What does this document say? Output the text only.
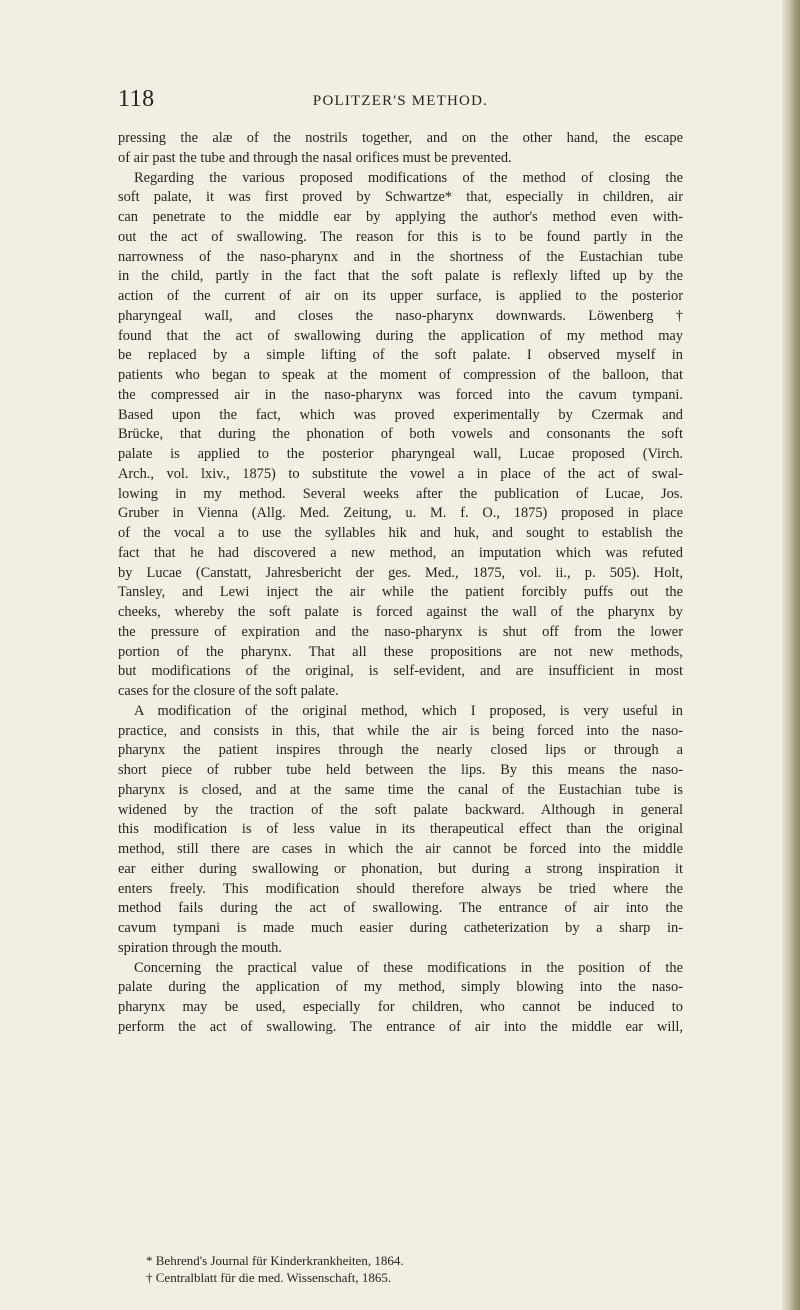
118	POLITZER'S METHOD.
pressing the alæ of the nostrils together, and on the other hand, the escape
of air past the tube and through the nasal orifices must be prevented.
Regarding the various proposed modifications of the method of closing the
soft palate, it was first proved by Schwartze* that, especially in children, air
can penetrate to the middle ear by applying the author's method even with-
out the act of swallowing. The reason for this is to be found partly in the
narrowness of the naso-pharynx and in the shortness of the Eustachian tube
in the child, partly in the fact that the soft palate is reflexly lifted up by the
action of the current of air on its upper surface, is applied to the posterior
pharyngeal wall, and closes the naso-pharynx downwards. Löwenberg †
found that the act of swallowing during the application of my method may
be replaced by a simple lifting of the soft palate. I observed myself in
patients who began to speak at the moment of compression of the balloon, that
the compressed air in the naso-pharynx was forced into the cavum tympani.
Based upon the fact, which was proved experimentally by Czermak and
Brücke, that during the phonation of both vowels and consonants the soft
palate is applied to the posterior pharyngeal wall, Lucae proposed (Virch.
Arch., vol. lxiv., 1875) to substitute the vowel a in place of the act of swal-
lowing in my method. Several weeks after the publication of Lucae, Jos.
Gruber in Vienna (Allg. Med. Zeitung, u. M. f. O., 1875) proposed in place
of the vocal a to use the syllables hik and huk, and sought to establish the
fact that he had discovered a new method, an imputation which was refuted
by Lucae (Canstatt, Jahresbericht der ges. Med., 1875, vol. ii., p. 505). Holt,
Tansley, and Lewi inject the air while the patient forcibly puffs out the
cheeks, whereby the soft palate is forced against the wall of the pharynx by
the pressure of expiration and the naso-pharynx is shut off from the lower
portion of the pharynx. That all these propositions are not new methods,
but modifications of the original, is self-evident, and are insufficient in most
cases for the closure of the soft palate.
A modification of the original method, which I proposed, is very useful in
practice, and consists in this, that while the air is being forced into the naso-
pharynx the patient inspires through the nearly closed lips or through a
short piece of rubber tube held between the lips. By this means the naso-
pharynx is closed, and at the same time the canal of the Eustachian tube is
widened by the traction of the soft palate backward. Although in general
this modification is of less value in its therapeutical effect than the original
method, still there are cases in which the air cannot be forced into the middle
ear either during swallowing or phonation, but during a strong inspiration it
enters freely. This modification should therefore always be tried where the
method fails during the act of swallowing. The entrance of air into the
cavum tympani is made much easier during catheterization by a sharp in-
spiration through the mouth.
Concerning the practical value of these modifications in the position of the
palate during the application of my method, simply blowing into the naso-
pharynx may be used, especially for children, who cannot be induced to
perform the act of swallowing. The entrance of air into the middle ear will,
* Behrend's Journal für Kinderkrankheiten, 1864.
† Centralblatt für die med. Wissenschaft, 1865.
